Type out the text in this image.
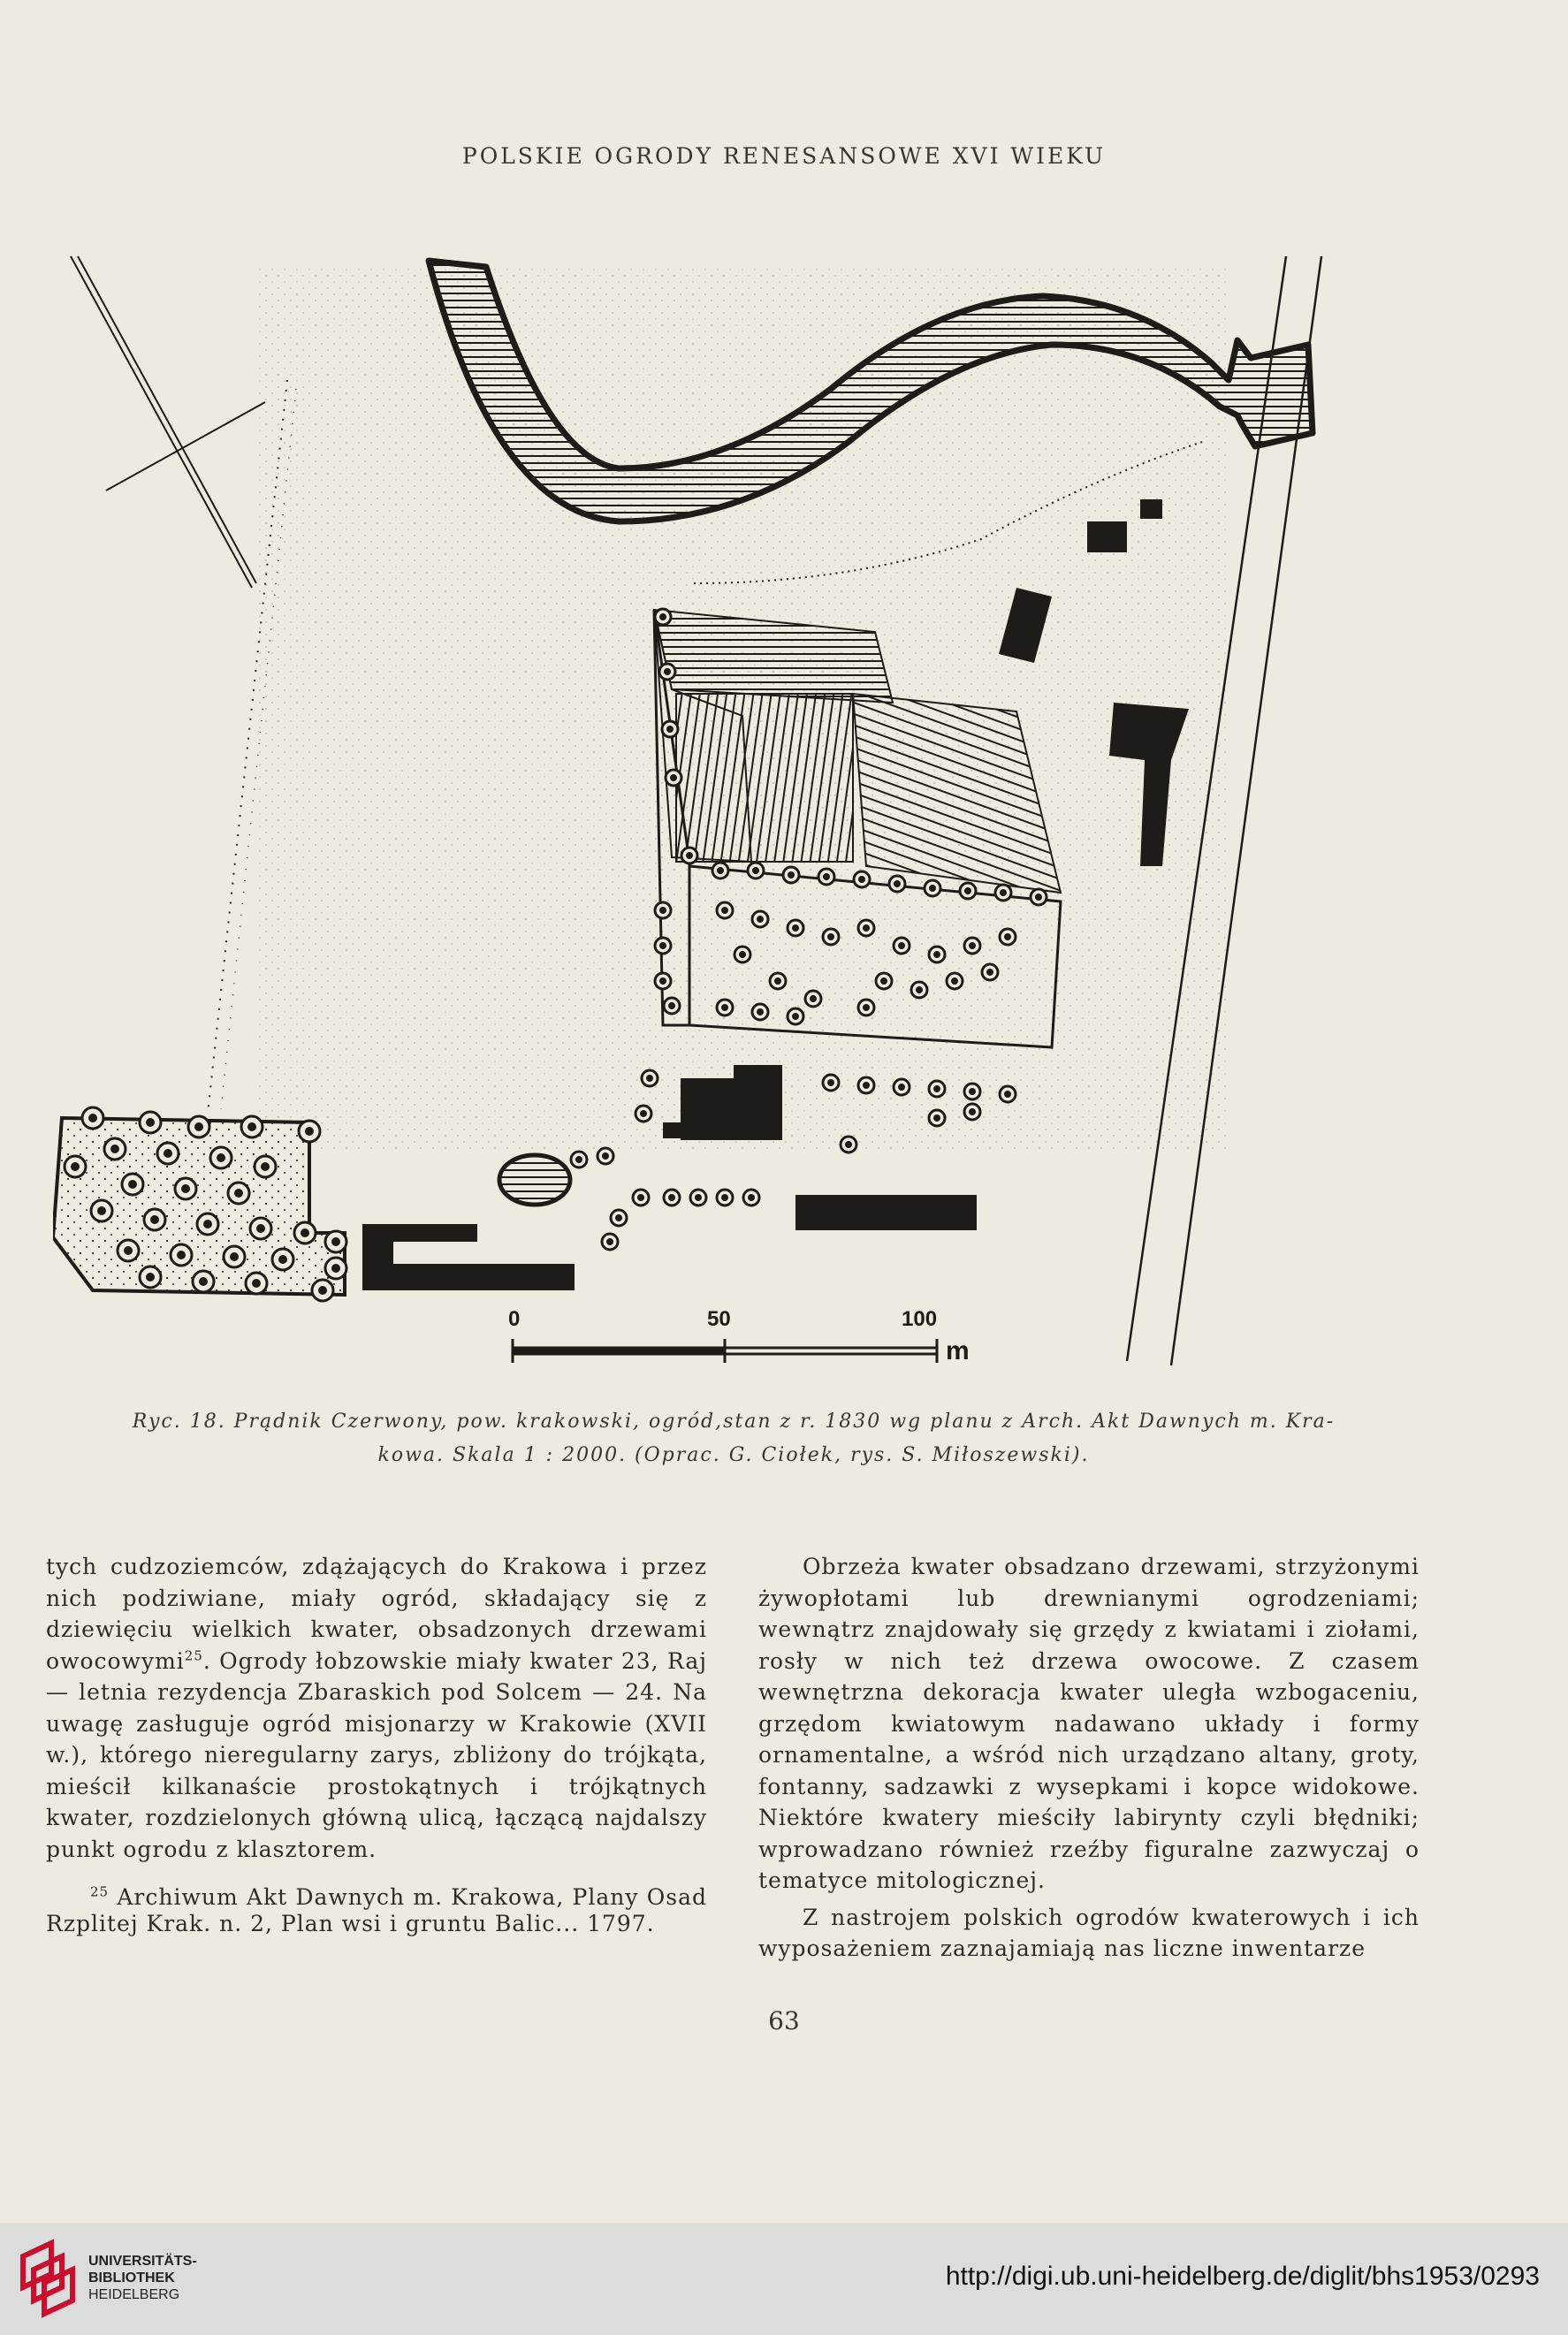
POLSKIE OGRODY RENESANSOWE XVI WIEKU
0	50	100
m
Ryc. 18. Prądnik Czerwony, pow. krakowski, ogród,stan z r. 1830 wg planu z Arch. Akt Dawnych m. Kra-
kowa. Skala 1 : 2000. (Oprac. G. Ciołek, rys. S. Miłoszewski).

tych cudzoziemców, zdążających do Krakowa i przez nich podziwiane, miały ogród, składający się z dziewięciu wielkich kwater, obsadzonych drzewami owocowymi$^{25}$. Ogrody łobzowskie miały kwater 23, Raj — letnia rezydencja Zbaraskich pod Solcem — 24. Na uwagę zasługuje ogród misjonarzy w Krakowie (XVII w.), którego nieregularny zarys, zbliżony do trójkąta, mieścił kilkanaście prostokątnych i trójkątnych kwater, rozdzielonych główną ulicą, łączącą najdalszy punkt ogrodu z klasztorem.

$^{25}$ Archiwum Akt Dawnych m. Krakowa, Plany Osad Rzplitej Krak. n. 2, Plan wsi i gruntu Balic... 1797.

Obrzeża kwater obsadzano drzewami, strzyżonymi żywopłotami lub drewnianymi ogrodzeniami; wewnątrz znajdowały się grzędy z kwiatami i ziołami, rosły w nich też drzewa owocowe. Z czasem wewnętrzna dekoracja kwater uległa wzbogaceniu, grzędom kwiatowym nadawano układy i formy ornamentalne, a wśród nich urządzano altany, groty, fontanny, sadzawki z wysepkami i kopce widokowe. Niektóre kwatery mieściły labirynty czyli błędniki; wprowadzano również rzeźby figuralne zazwyczaj o tematyce mitologicznej.

Z nastrojem polskich ogrodów kwaterowych i ich wyposażeniem zaznajamiają nas liczne inwentarze

63
UNIVERSITÄTS-
BIBLIOTHEK
HEIDELBERG
http://digi.ub.uni-heidelberg.de/diglit/bhs1953/0293
